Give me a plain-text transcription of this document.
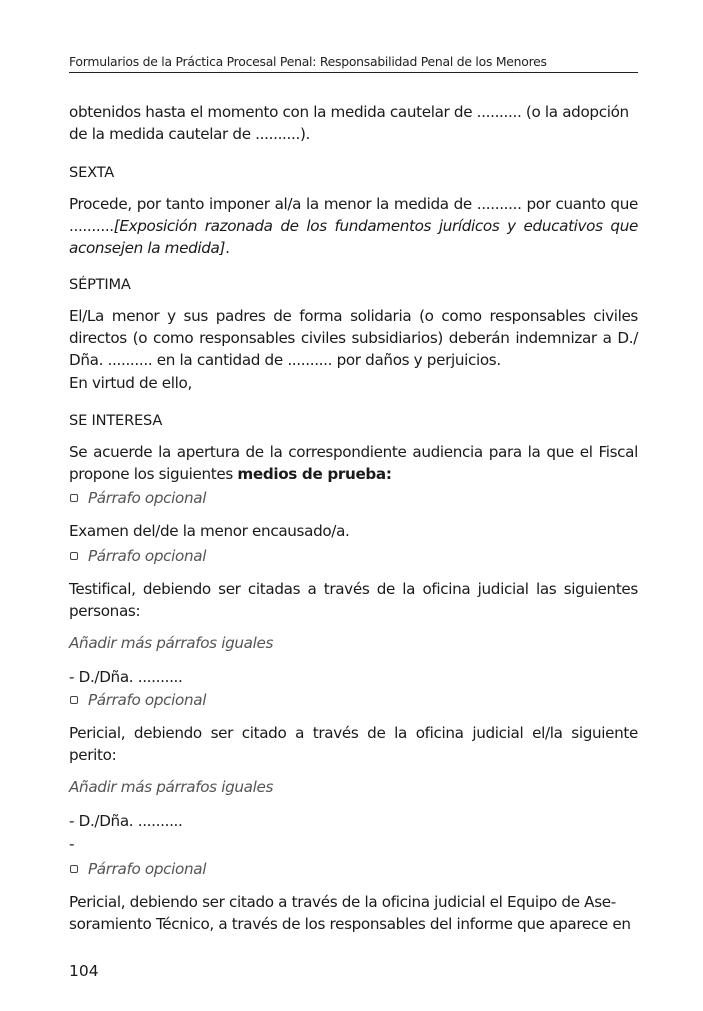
Formularios de la Práctica Procesal Penal: Responsabilidad Penal de los Menores
obtenidos hasta el momento con la medida cautelar de .......... (o la adopción
de la medida cautelar de ..........).
SEXTA
Procede, por tanto imponer al/a la menor la medida de .......... por cuanto que ..........[Exposición razonada de los fundamentos jurídicos y educativos que aconsejen la medida].
SÉPTIMA
El/La menor y sus padres de forma solidaria (o como responsables civiles directos (o como responsables civiles subsidiarios) deberán indemnizar a D./ Dña. .......... en la cantidad de .......... por daños y perjuicios.
En virtud de ello,
SE INTERESA
Se acuerde la apertura de la correspondiente audiencia para la que el Fiscal propone los siguientes medios de prueba:
Párrafo opcional
Examen del/de la menor encausado/a.
Párrafo opcional
Testifical, debiendo ser citadas a través de la oficina judicial las siguientes personas:
Añadir más párrafos iguales
- D./Dña. ..........
Párrafo opcional
Pericial, debiendo ser citado a través de la oficina judicial el/la siguiente perito:
Añadir más párrafos iguales
- D./Dña. ..........
-
Párrafo opcional
Pericial, debiendo ser citado a través de la oficina judicial el Equipo de Ase-
soramiento Técnico, a través de los responsables del informe que aparece en
104
